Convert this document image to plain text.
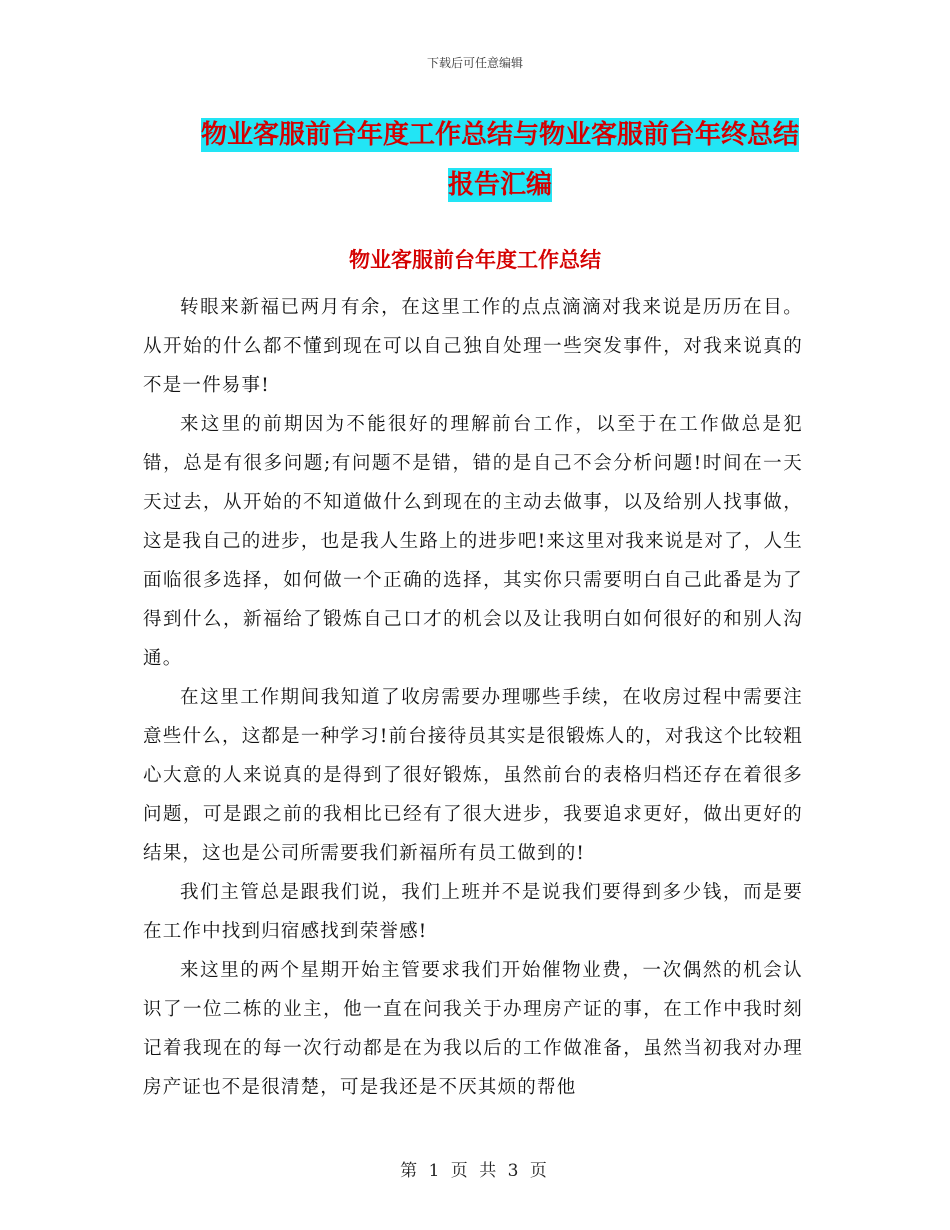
下载后可任意编辑
物业客服前台年度工作总结与物业客服前台年终总结
报告汇编
物业客服前台年度工作总结

转眼来新福已两月有余，在这里工作的点点滴滴对我来说是历历在目。从开始的什么都不懂到现在可以自己独自处理一些突发事件，对我来说真的不是一件易事!

来这里的前期因为不能很好的理解前台工作，以至于在工作做总是犯错，总是有很多问题;有问题不是错，错的是自己不会分析问题!时间在一天天过去，从开始的不知道做什么到现在的主动去做事，以及给别人找事做，这是我自己的进步，也是我人生路上的进步吧!来这里对我来说是对了，人生面临很多选择，如何做一个正确的选择，其实你只需要明白自己此番是为了得到什么，新福给了锻炼自己口才的机会以及让我明白如何很好的和别人沟通。

在这里工作期间我知道了收房需要办理哪些手续，在收房过程中需要注意些什么，这都是一种学习!前台接待员其实是很锻炼人的，对我这个比较粗心大意的人来说真的是得到了很好锻炼，虽然前台的表格归档还存在着很多问题，可是跟之前的我相比已经有了很大进步，我要追求更好，做出更好的结果，这也是公司所需要我们新福所有员工做到的!

我们主管总是跟我们说，我们上班并不是说我们要得到多少钱，而是要在工作中找到归宿感找到荣誉感!

来这里的两个星期开始主管要求我们开始催物业费，一次偶然的机会认识了一位二栋的业主，他一直在问我关于办理房产证的事，在工作中我时刻记着我现在的每一次行动都是在为我以后的工作做准备，虽然当初我对办理房产证也不是很清楚，可是我还是不厌其烦的帮他

第 1 页 共 3 页
